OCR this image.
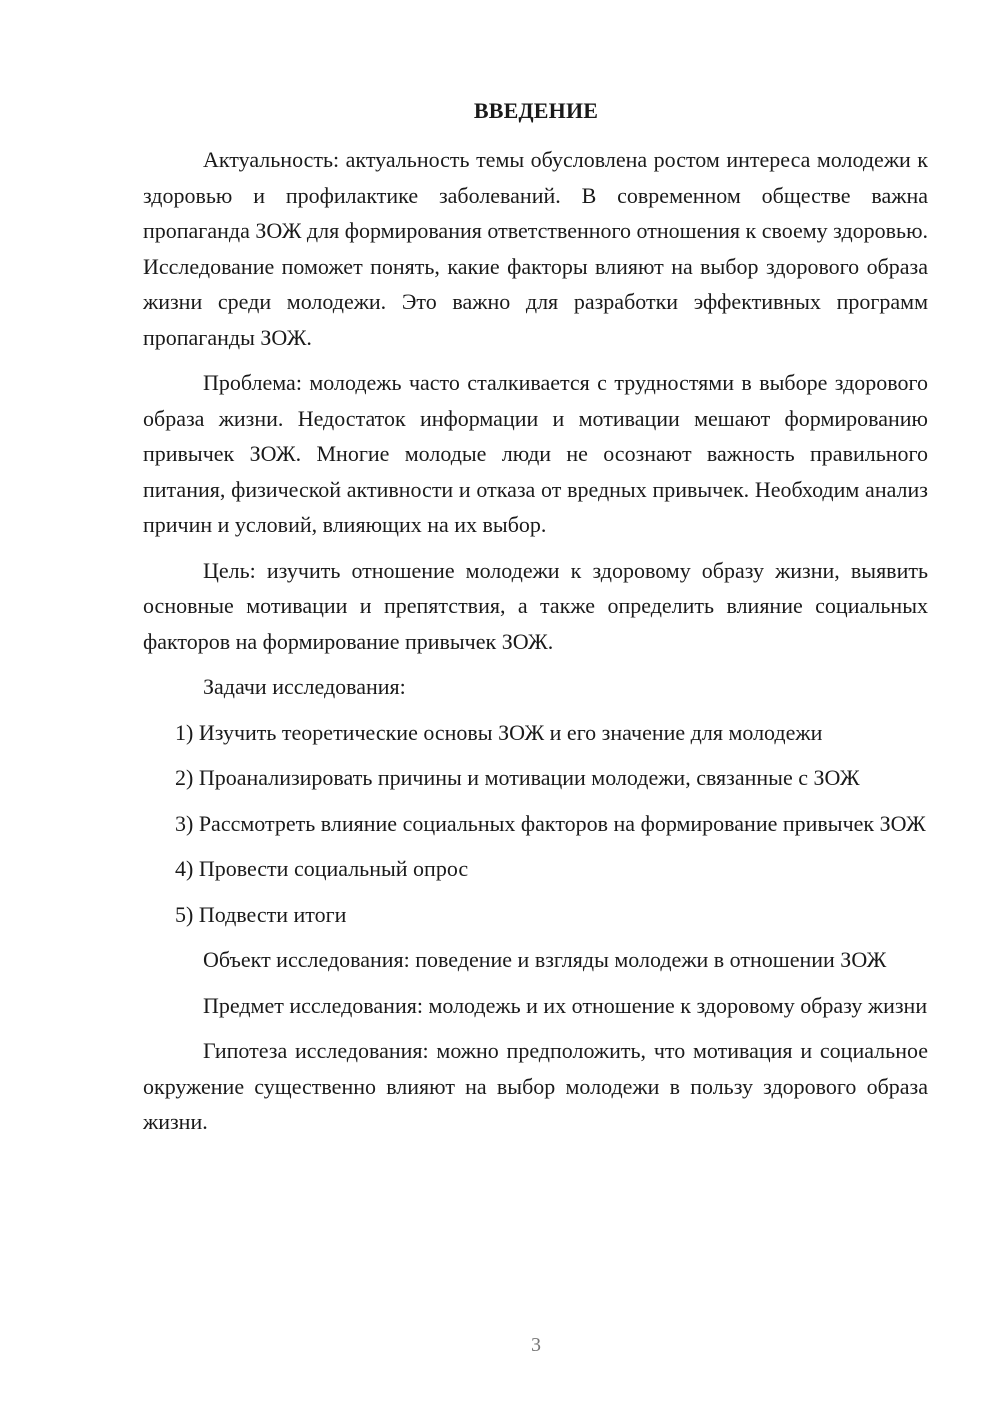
ВВЕДЕНИЕ

Актуальность: актуальность темы обусловлена ростом интереса молодежи к здоровью и профилактике заболеваний. В современном обществе важна пропаганда ЗОЖ для формирования ответственного отношения к своему здоровью. Исследование поможет понять, какие факторы влияют на выбор здорового образа жизни среди молодежи. Это важно для разработки эффективных программ пропаганды ЗОЖ.

Проблема: молодежь часто сталкивается с трудностями в выборе здорового образа жизни. Недостаток информации и мотивации мешают формированию привычек ЗОЖ. Многие молодые люди не осознают важность правильного питания, физической активности и отказа от вредных привычек. Необходим анализ причин и условий, влияющих на их выбор.

Цель: изучить отношение молодежи к здоровому образу жизни, выявить основные мотивации и препятствия, а также определить влияние социальных факторов на формирование привычек ЗОЖ.

Задачи исследования:

1) Изучить теоретические основы ЗОЖ и его значение для молодежи

2) Проанализировать причины и мотивации молодежи, связанные с ЗОЖ

3) Рассмотреть влияние социальных факторов на формирование привычек ЗОЖ

4) Провести социальный опрос

5) Подвести итоги

Объект исследования: поведение и взгляды молодежи в отношении ЗОЖ

Предмет исследования: молодежь и их отношение к здоровому образу жизни

Гипотеза исследования: можно предположить, что мотивация и социальное окружение существенно влияют на выбор молодежи в пользу здорового образа жизни.

3
